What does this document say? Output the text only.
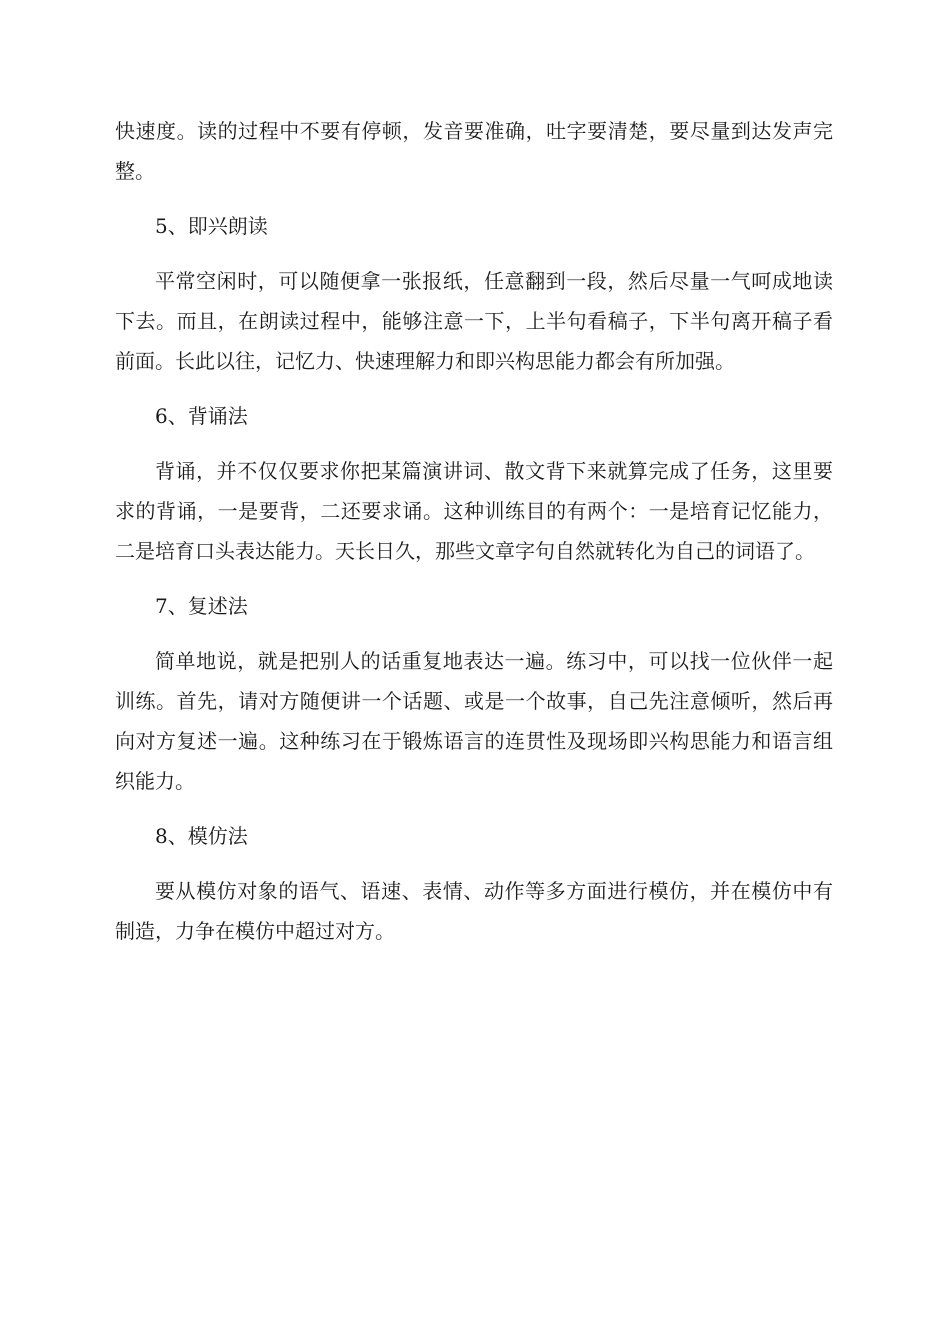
快速度。读的过程中不要有停顿，发音要准确，吐字要清楚，要尽量到达发声完整。

5、即兴朗读

平常空闲时，可以随便拿一张报纸，任意翻到一段，然后尽量一气呵成地读下去。而且，在朗读过程中，能够注意一下，上半句看稿子，下半句离开稿子看前面。长此以往，记忆力、快速理解力和即兴构思能力都会有所加强。

6、背诵法

背诵，并不仅仅要求你把某篇演讲词、散文背下来就算完成了任务，这里要求的背诵，一是要背，二还要求诵。这种训练目的有两个：一是培育记忆能力，二是培育口头表达能力。天长日久，那些文章字句自然就转化为自己的词语了。

7、复述法

简单地说，就是把别人的话重复地表达一遍。练习中，可以找一位伙伴一起训练。首先，请对方随便讲一个话题、或是一个故事，自己先注意倾听，然后再向对方复述一遍。这种练习在于锻炼语言的连贯性及现场即兴构思能力和语言组织能力。

8、模仿法

要从模仿对象的语气、语速、表情、动作等多方面进行模仿，并在模仿中有制造，力争在模仿中超过对方。
